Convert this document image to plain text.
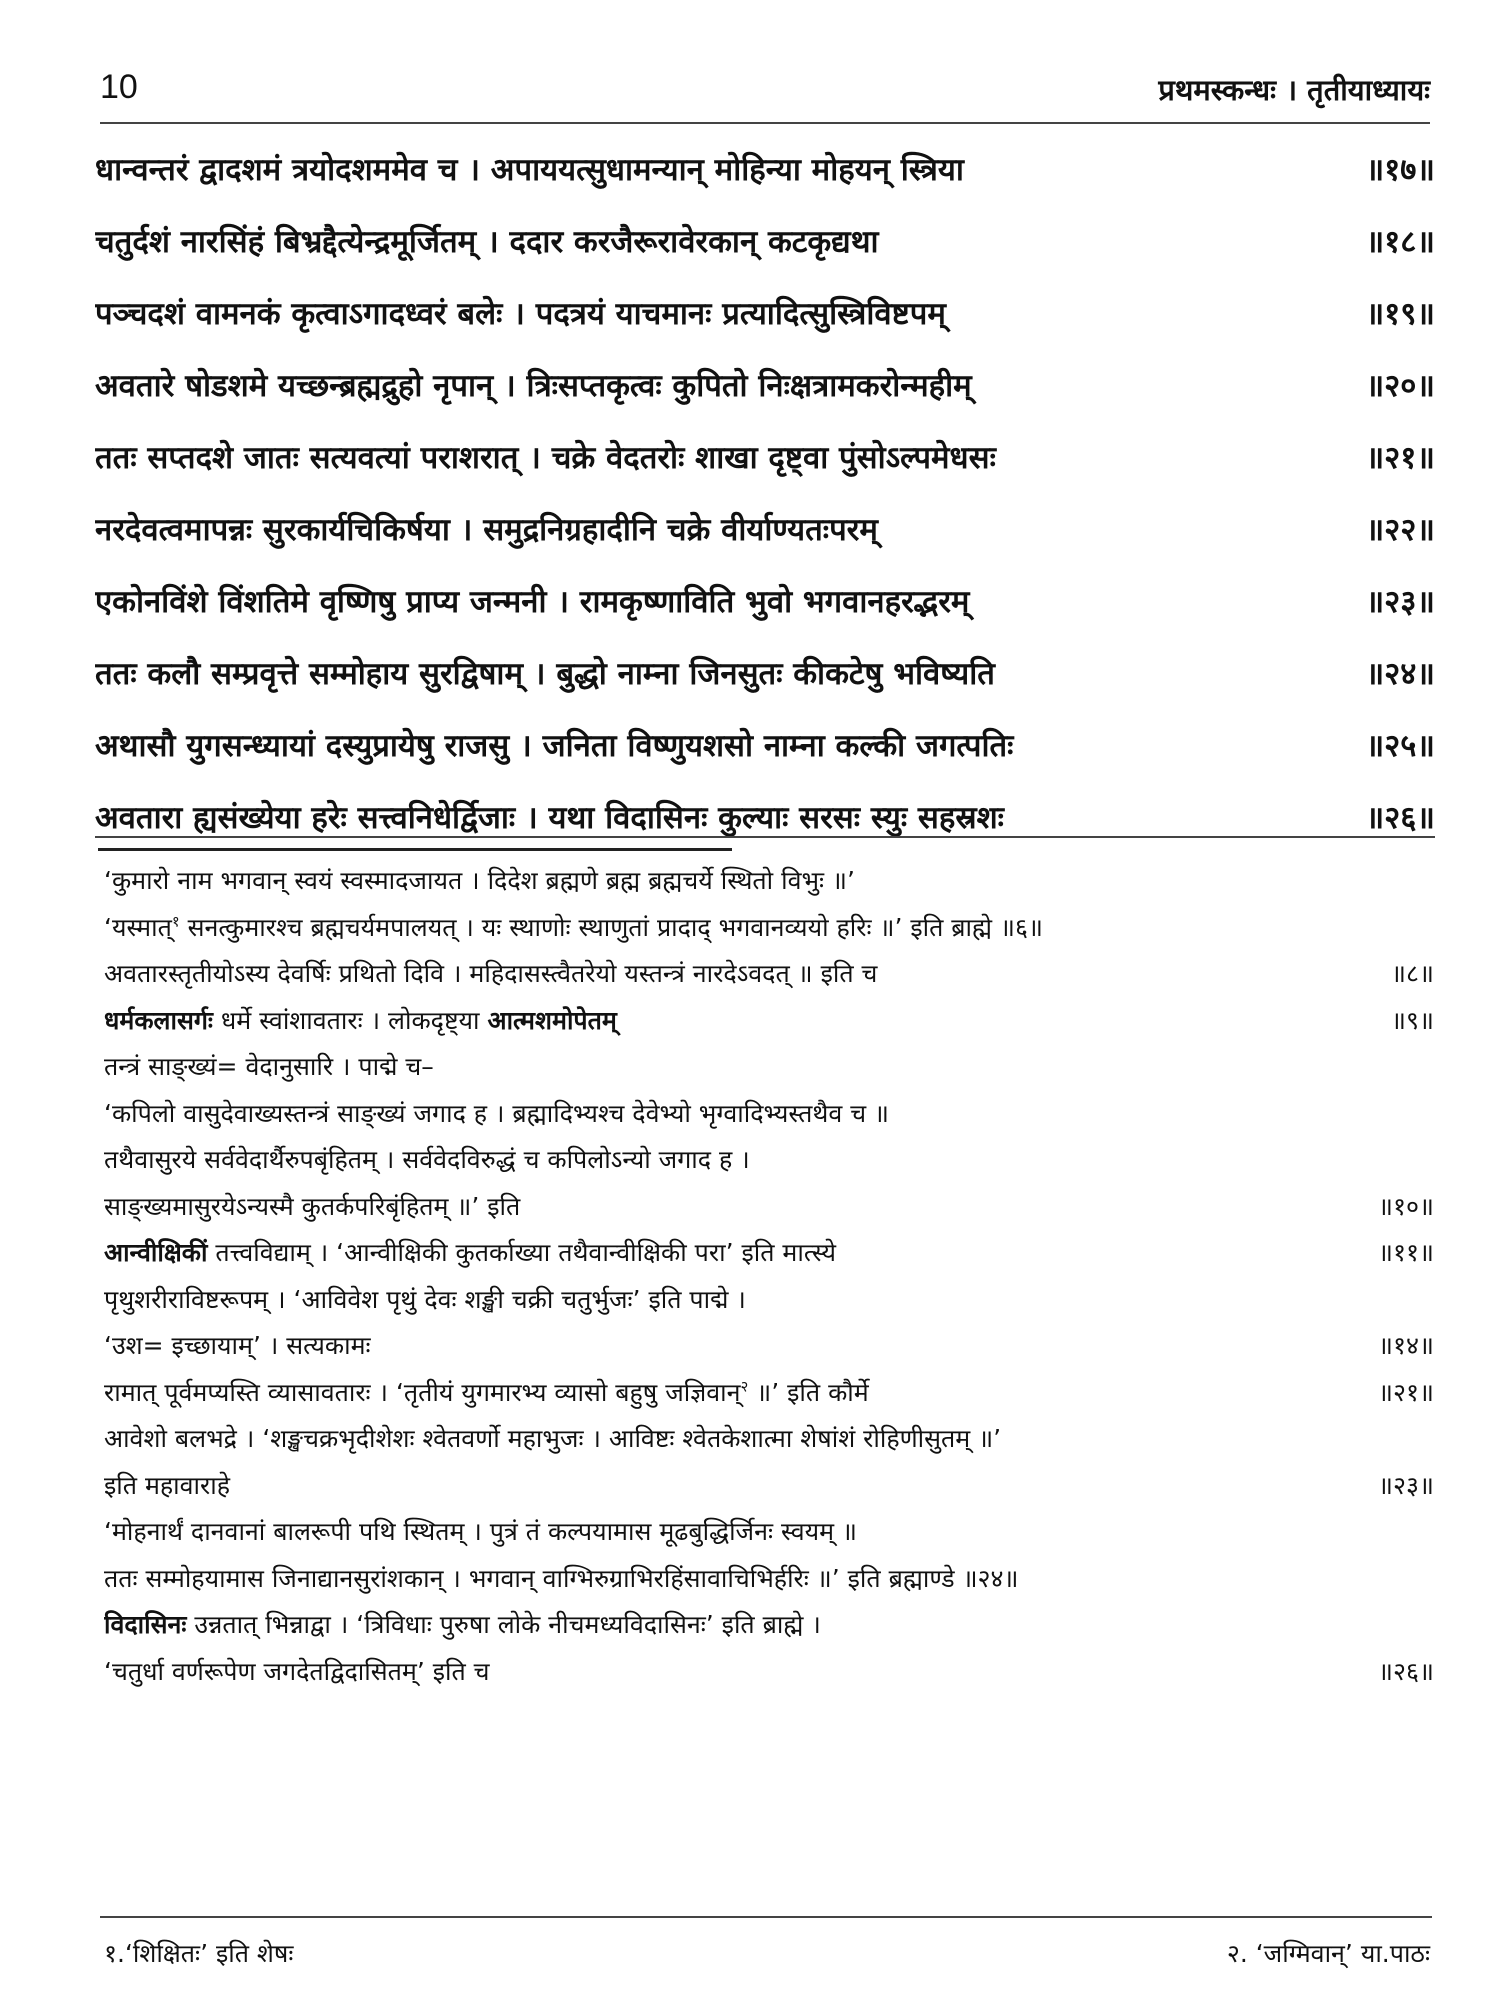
10	प्रथमस्कन्धः । तृतीयाध्यायः
धान्वन्तरं द्वादशमं त्रयोदशममेव च । अपाययत्सुधामन्यान् मोहिन्या मोहयन् स्त्रिया	॥१७॥
चतुर्दशं नारसिंहं बिभ्रद्दैत्येन्द्रमूर्जितम् । ददार करजैरूरावेरकान् कटकृद्यथा	॥१८॥
पञ्चदशं वामनकं कृत्वाऽगादध्वरं बलेः । पदत्रयं याचमानः प्रत्यादित्सुस्त्रिविष्टपम्	॥१९॥
अवतारे षोडशमे यच्छन्ब्रह्मद्रुहो नृपान् । त्रिःसप्तकृत्वः कुपितो निःक्षत्रामकरोन्महीम्	॥२०॥
ततः सप्तदशे जातः सत्यवत्यां पराशरात् । चक्रे वेदतरोः शाखा दृष्ट्वा पुंसोऽल्पमेधसः	॥२१॥
नरदेवत्वमापन्नः सुरकार्यचिकिर्षया । समुद्रनिग्रहादीनि चक्रे वीर्याण्यतःपरम्	॥२२॥
एकोनविंशे विंशतिमे वृष्णिषु प्राप्य जन्मनी । रामकृष्णाविति भुवो भगवानहरद्भरम्	॥२३॥
ततः कलौ सम्प्रवृत्ते सम्मोहाय सुरद्विषाम् । बुद्धो नाम्ना जिनसुतः कीकटेषु भविष्यति	॥२४॥
अथासौ युगसन्ध्यायां दस्युप्रायेषु राजसु । जनिता विष्णुयशसो नाम्ना कल्की जगत्पतिः	॥२५॥
अवतारा ह्यसंख्येया हरेः सत्त्वनिधेर्द्विजाः । यथा विदासिनः कुल्याः सरसः स्युः सहस्रशः	॥२६॥
‘कुमारो नाम भगवान् स्वयं स्वस्मादजायत । दिदेश ब्रह्मणे ब्रह्म ब्रह्मचर्ये स्थितो विभुः ॥’
‘यस्मात्$^१$ सनत्कुमारश्च ब्रह्मचर्यमपालयत् । यः स्थाणोः स्थाणुतां प्रादाद् भगवानव्ययो हरिः ॥’ इति ब्राह्मे ॥६॥
अवतारस्तृतीयोऽस्य देवर्षिः प्रथितो दिवि । महिदासस्त्वैतरेयो यस्तन्त्रं नारदेऽवदत् ॥ इति च	॥८॥
धर्मकलासर्गः धर्मे स्वांशावतारः । लोकदृष्ट्या आत्मशमोपेतम्	॥९॥
तन्त्रं साङ्ख्यं= वेदानुसारि । पाद्मे च–
‘कपिलो वासुदेवाख्यस्तन्त्रं साङ्ख्यं जगाद ह । ब्रह्मादिभ्यश्च देवेभ्यो भृग्वादिभ्यस्तथैव च ॥
तथैवासुरये सर्ववेदार्थैरुपबृंहितम् । सर्ववेदविरुद्धं च कपिलोऽन्यो जगाद ह ।
साङ्ख्यमासुरयेऽन्यस्मै कुतर्कपरिबृंहितम् ॥’ इति	॥१०॥
आन्वीक्षिकीं तत्त्वविद्याम् । ‘आन्वीक्षिकी कुतर्काख्या तथैवान्वीक्षिकी परा’ इति मात्स्ये	॥११॥
पृथुशरीराविष्टरूपम् । ‘आविवेश पृथुं देवः शङ्खी चक्री चतुर्भुजः’ इति पाद्मे ।
‘उश= इच्छायाम्’ । सत्यकामः	॥१४॥
रामात् पूर्वमप्यस्ति व्यासावतारः । ‘तृतीयं युगमारभ्य व्यासो बहुषु जज्ञिवान्$^२$ ॥’ इति कौर्मे	॥२१॥
आवेशो बलभद्रे । ‘शङ्खचक्रभृदीशेशः श्वेतवर्णो महाभुजः । आविष्टः श्वेतकेशात्मा शेषांशं रोहिणीसुतम् ॥’
इति महावाराहे	॥२३॥
‘मोहनार्थं दानवानां बालरूपी पथि स्थितम् । पुत्रं तं कल्पयामास मूढबुद्धिर्जिनः स्वयम् ॥
ततः सम्मोहयामास जिनाद्यानसुरांशकान् । भगवान् वाग्भिरुग्राभिरहिंसावाचिभिर्हरिः ॥’ इति ब्रह्माण्डे ॥२४॥
विदासिनः उन्नतात् भिन्नाद्वा । ‘त्रिविधाः पुरुषा लोके नीचमध्यविदासिनः’ इति ब्राह्मे ।
‘चतुर्धा वर्णरूपेण जगदेतद्विदासितम्’ इति च	॥२६॥
१.‘शिक्षितः’ इति शेषः	२. ‘जग्मिवान्’ या.पाठः
